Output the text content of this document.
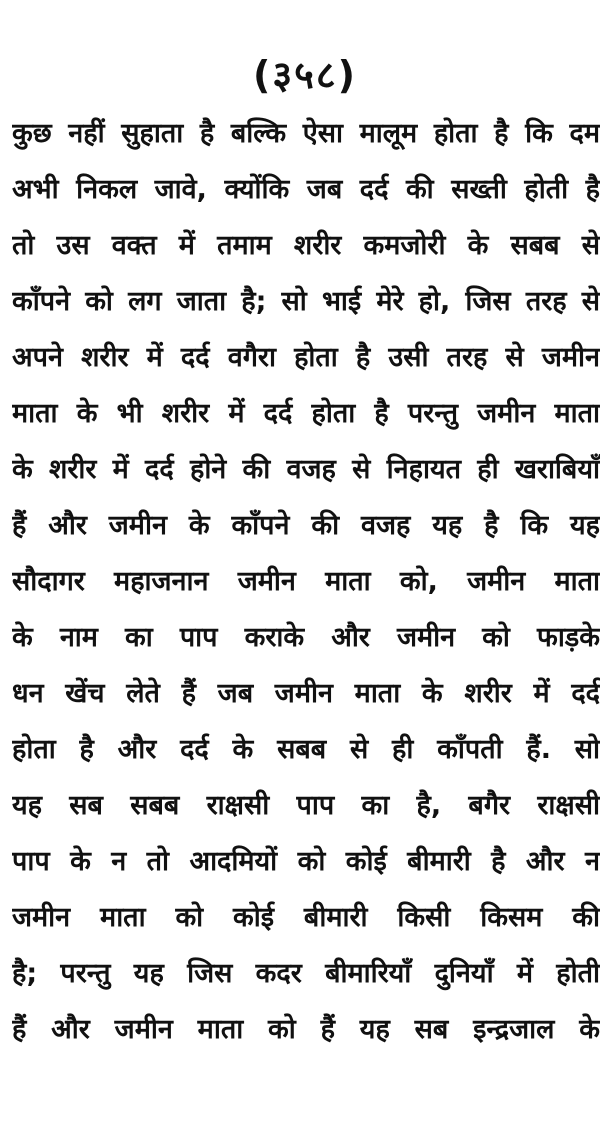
(३५८)
कुछ नहीं सुहाता है बल्कि ऐसा मालूम होता है कि दम
अभी निकल जावे, क्योंकि जब दर्द की सख्ती होती है
तो उस वक्त में तमाम शरीर कमजोरी के सबब से
काँपने को लग जाता है; सो भाई मेरे हो, जिस तरह से
अपने शरीर में दर्द वगैरा होता है उसी तरह से जमीन
माता के भी शरीर में दर्द होता है परन्तु जमीन माता
के शरीर में दर्द होने की वजह से निहायत ही खराबियाँ
हैं और जमीन के काँपने की वजह यह है कि यह
सौदागर महाजनान जमीन माता को, जमीन माता
के नाम का पाप कराके और जमीन को फाड़के
धन खेंच लेते हैं जब जमीन माता के शरीर में दर्द
होता है और दर्द के सबब से ही काँपती हैं. सो
यह सब सबब राक्षसी पाप का है, बगैर राक्षसी
पाप के न तो आदमियों को कोई बीमारी है और न
जमीन माता को कोई बीमारी किसी किसम की
है; परन्तु यह जिस कदर बीमारियाँ दुनियाँ में होती
हैं और जमीन माता को हैं यह सब इन्द्रजाल के
